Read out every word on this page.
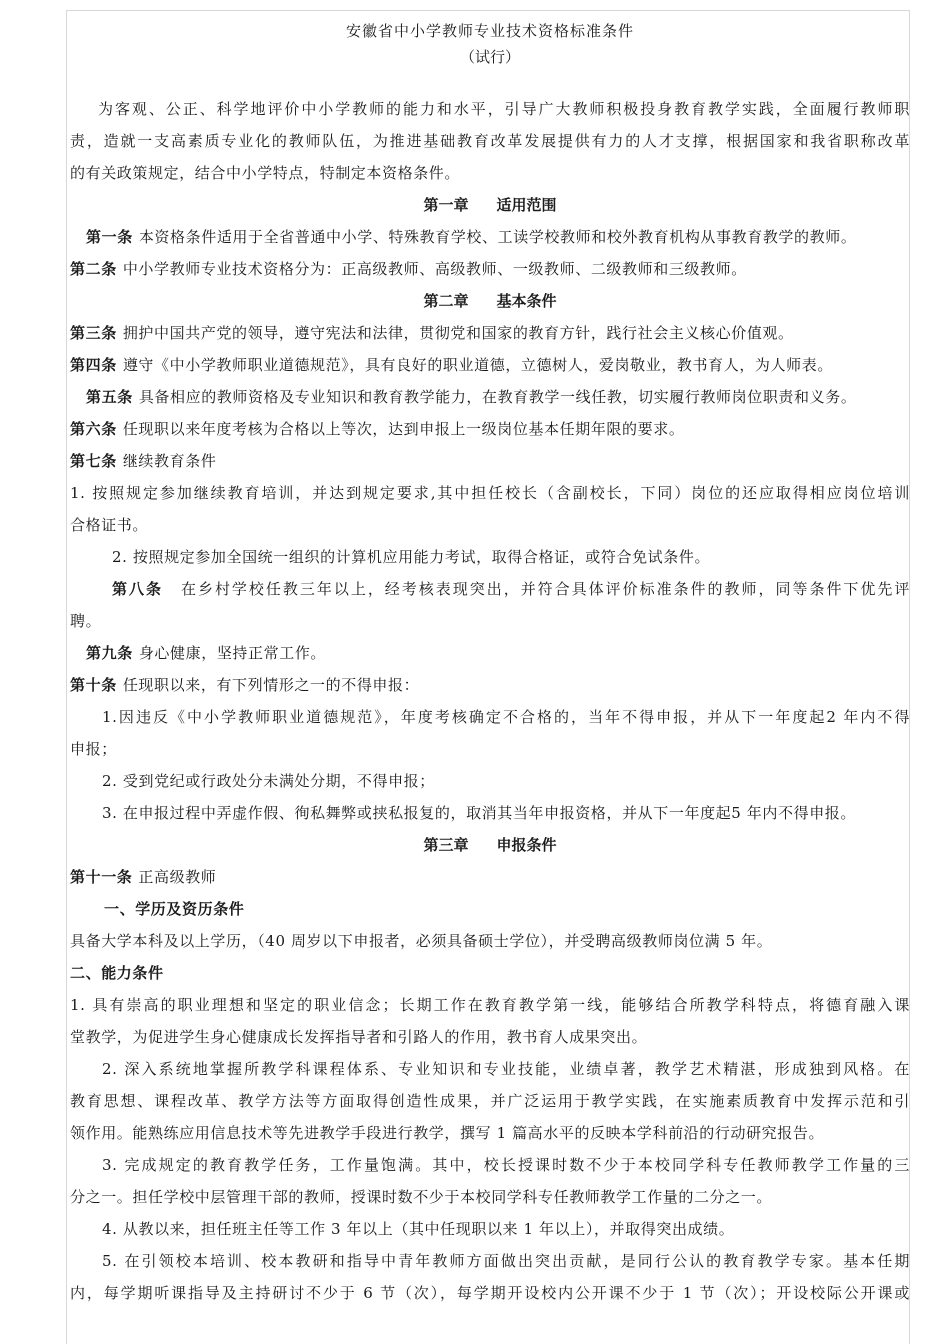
安徽省中小学教师专业技术资格标准条件
（试行）
为客观、公正、科学地评价中小学教师的能力和水平，引导广大教师积极投身教育教学实践，全面履行教师职
责，造就一支高素质专业化的教师队伍，为推进基础教育改革发展提供有力的人才支撑，根据国家和我省职称改革
的有关政策规定，结合中小学特点，特制定本资格条件。
第一章 适用范围
第一条 本资格条件适用于全省普通中小学、特殊教育学校、工读学校教师和校外教育机构从事教育教学的教师。
第二条 中小学教师专业技术资格分为：正高级教师、高级教师、一级教师、二级教师和三级教师。
第二章 基本条件
第三条 拥护中国共产党的领导，遵守宪法和法律，贯彻党和国家的教育方针，践行社会主义核心价值观。
第四条 遵守《中小学教师职业道德规范》，具有良好的职业道德，立德树人，爱岗敬业，教书育人，为人师表。
第五条 具备相应的教师资格及专业知识和教育教学能力，在教育教学一线任教，切实履行教师岗位职责和义务。
第六条 任现职以来年度考核为合格以上等次，达到申报上一级岗位基本任期年限的要求。
第七条 继续教育条件
1. 按照规定参加继续教育培训，并达到规定要求,其中担任校长（含副校长，下同）岗位的还应取得相应岗位培训
合格证书。
2. 按照规定参加全国统一组织的计算机应用能力考试，取得合格证，或符合免试条件。
第八条 在乡村学校任教三年以上，经考核表现突出，并符合具体评价标准条件的教师，同等条件下优先评
聘。
第九条 身心健康，坚持正常工作。
第十条 任现职以来，有下列情形之一的不得申报：
1.因违反《中小学教师职业道德规范》，年度考核确定不合格的，当年不得申报，并从下一年度起2 年内不得
申报；
2. 受到党纪或行政处分未满处分期，不得申报；
3. 在申报过程中弄虚作假、徇私舞弊或挟私报复的，取消其当年申报资格，并从下一年度起5 年内不得申报。
第三章 申报条件
第十一条 正高级教师
一、学历及资历条件
具备大学本科及以上学历，（40 周岁以下申报者，必须具备硕士学位），并受聘高级教师岗位满 5 年。
二、能力条件
1. 具有崇高的职业理想和坚定的职业信念；长期工作在教育教学第一线，能够结合所教学科特点，将德育融入课
堂教学，为促进学生身心健康成长发挥指导者和引路人的作用，教书育人成果突出。
2. 深入系统地掌握所教学科课程体系、专业知识和专业技能，业绩卓著，教学艺术精湛，形成独到风格。在
教育思想、课程改革、教学方法等方面取得创造性成果，并广泛运用于教学实践，在实施素质教育中发挥示范和引
领作用。能熟练应用信息技术等先进教学手段进行教学，撰写 1 篇高水平的反映本学科前沿的行动研究报告。
3. 完成规定的教育教学任务，工作量饱满。其中，校长授课时数不少于本校同学科专任教师教学工作量的三
分之一。担任学校中层管理干部的教师，授课时数不少于本校同学科专任教师教学工作量的二分之一。
4. 从教以来，担任班主任等工作 3 年以上（其中任现职以来 1 年以上），并取得突出成绩。
5. 在引领校本培训、校本教研和指导中青年教师方面做出突出贡献，是同行公认的教育教学专家。基本任期
内，每学期听课指导及主持研讨不少于 6 节（次），每学期开设校内公开课不少于 1 节（次）；开设校际公开课或
